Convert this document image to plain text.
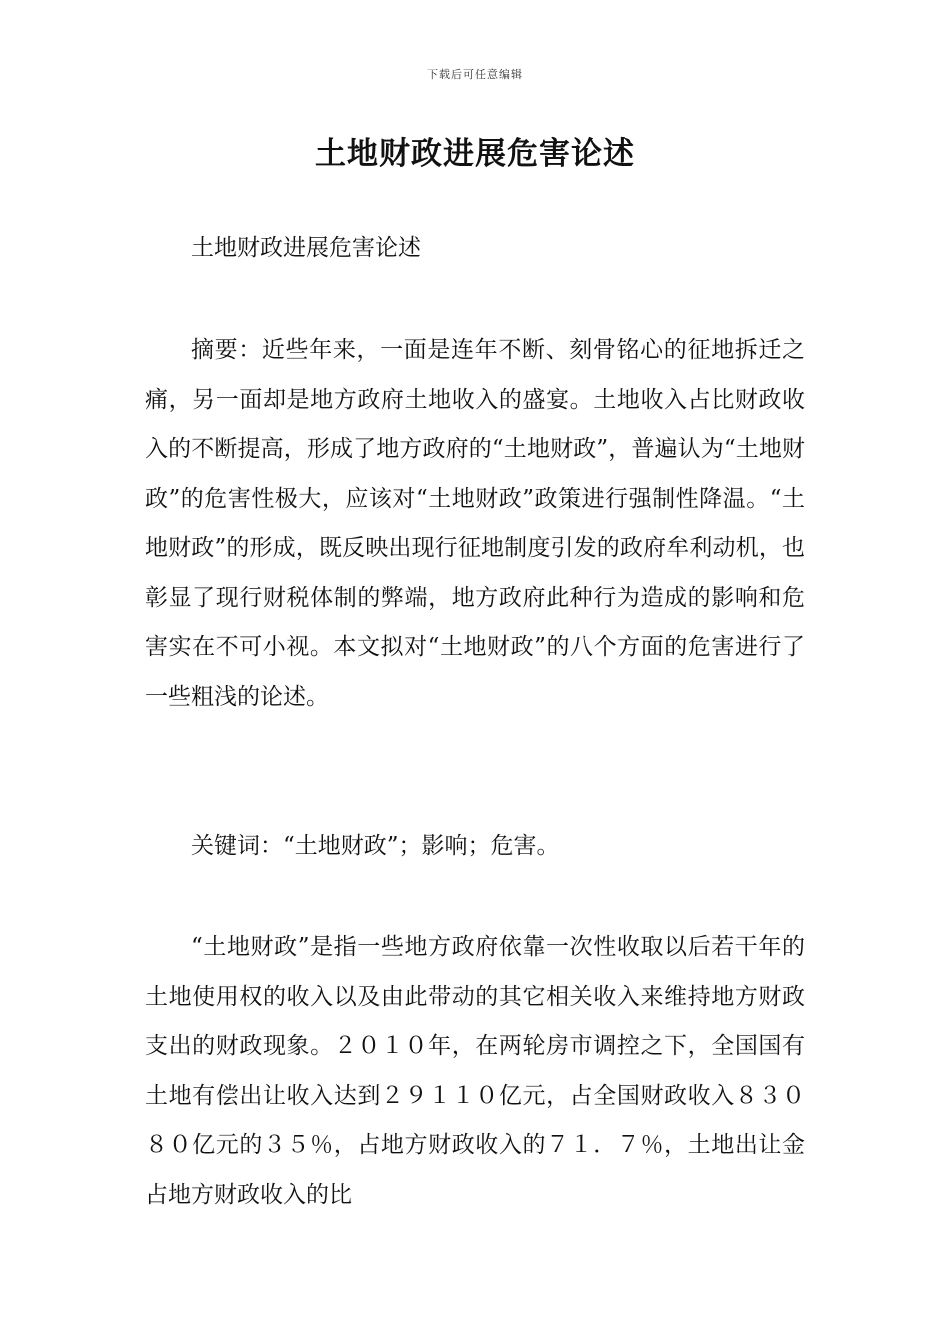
下载后可任意编辑
土地财政进展危害论述

土地财政进展危害论述

摘要：近些年来，一面是连年不断、刻骨铭心的征地拆迁之痛，另一面却是地方政府土地收入的盛宴。土地收入占比财政收入的不断提高，形成了地方政府的“土地财政”，普遍认为“土地财政”的危害性极大，应该对“土地财政”政策进行强制性降温。“土地财政”的形成，既反映出现行征地制度引发的政府牟利动机，也彰显了现行财税体制的弊端，地方政府此种行为造成的影响和危害实在不可小视。本文拟对“土地财政”的八个方面的危害进行了一些粗浅的论述。

关键词：“土地财政”；影响；危害。

“土地财政”是指一些地方政府依靠一次性收取以后若干年的土地使用权的收入以及由此带动的其它相关收入来维持地方财政支出的财政现象。２０１０年，在两轮房市调控之下，全国国有土地有偿出让收入达到２９１１０亿元，占全国财政收入８３０８０亿元的３５％，占地方财政收入的７１．７％，土地出让金占地方财政收入的比
